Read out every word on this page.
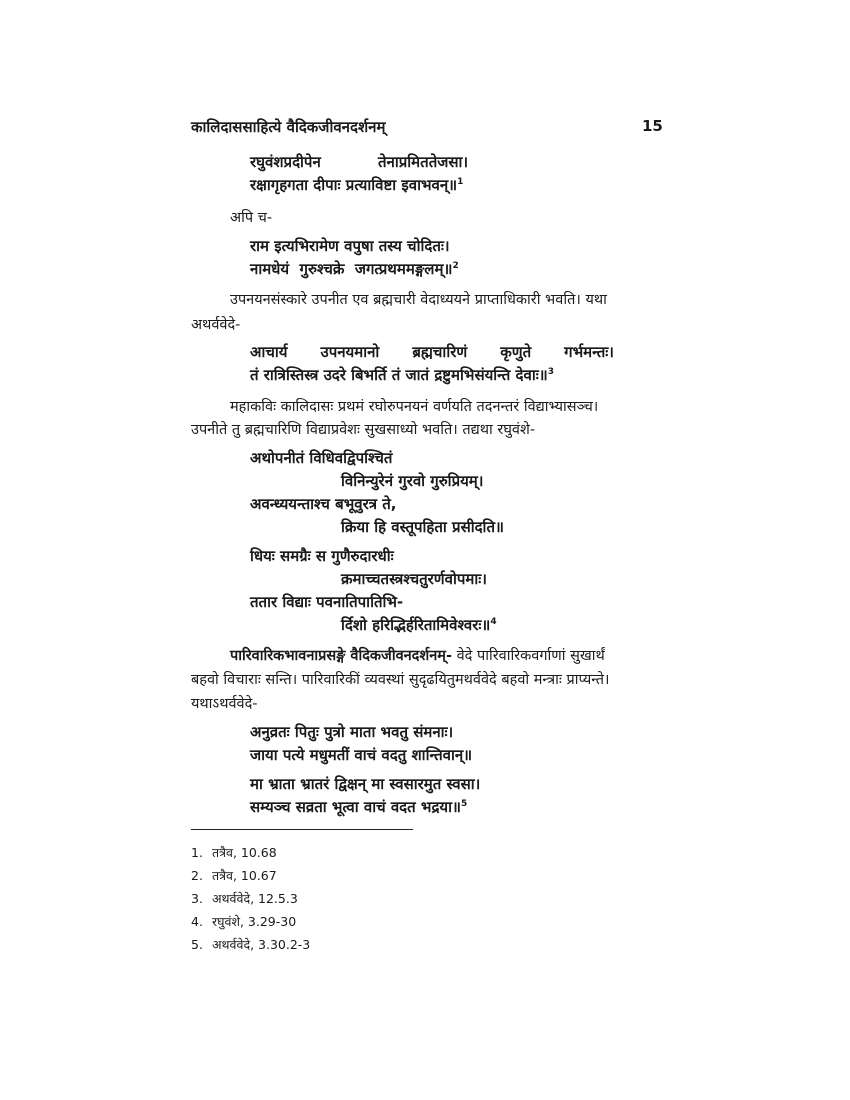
कालिदाससाहित्ये वैदिकजीवनदर्शनम्	15
रघुवंशप्रदीपेन	तेनाप्रमिततेजसा।
रक्षागृहगता दीपाः प्रत्याविष्टा इवाभवन्॥$^1$
अपि च-
राम इत्यभिरामेण वपुषा तस्य चोदितः।
नामधेयं  गुरुश्चक्रे  जगत्प्रथममङ्गलम्॥$^2$
उपनयनसंस्कारे उपनीत एव ब्रह्मचारी वेदाध्ययने प्राप्ताधिकारी भवति। यथा
अथर्ववेदे-
आचार्य उपनयमानो ब्रह्मचारिणं कृणुते गर्भमन्तः।
तं रात्रिस्तिस्त्र उदरे बिभर्ति तं जातं द्रष्टुमभिसंयन्ति देवाः॥$^3$
महाकविः कालिदासः प्रथमं रघोरुपनयनं वर्णयति तदनन्तरं विद्याभ्यासञ्च।
उपनीते तु ब्रह्मचारिणि विद्याप्रवेशः सुखसाध्यो भवति। तद्यथा रघुवंशे-
अथोपनीतं विधिवद्विपश्चितं
विनिन्युरेनं गुरवो गुरुप्रियम्।
अवन्ध्ययन्ताश्च बभूवुरत्र ते,
क्रिया हि वस्तूपहिता प्रसीदति॥
धियः समग्रैः स गुणैरुदारधीः
क्रमाच्चतस्त्रश्चतुरर्णवोपमाः।
ततार विद्याः पवनातिपातिभि-
र्दिशो हरिद्भिर्हरितामिवेश्वरः॥$^4$
पारिवारिकभावनाप्रसङ्गे वैदिकजीवनदर्शनम्- वेदे पारिवारिकवर्गाणां सुखार्थं
बहवो विचाराः सन्ति। पारिवारिकीं व्यवस्थां सुदृढयितुमथर्ववेदे बहवो मन्त्राः प्राप्यन्ते।
यथाऽथर्ववेदे-
अनुव्रतः पितुः पुत्रो माता भवतु संमनाः।
जाया पत्ये मधुमतीं वाचं वदतु शान्तिवान्॥
मा भ्राता भ्रातरं द्विक्षन् मा स्वसारमुत स्वसा।
सम्यञ्च सव्रता भूत्वा वाचं वदत भद्रया॥$^5$
1. तत्रैव, 10.68
2. तत्रैव, 10.67
3. अथर्ववेदे, 12.5.3
4. रघुवंशे, 3.29-30
5. अथर्ववेदे, 3.30.2-3
